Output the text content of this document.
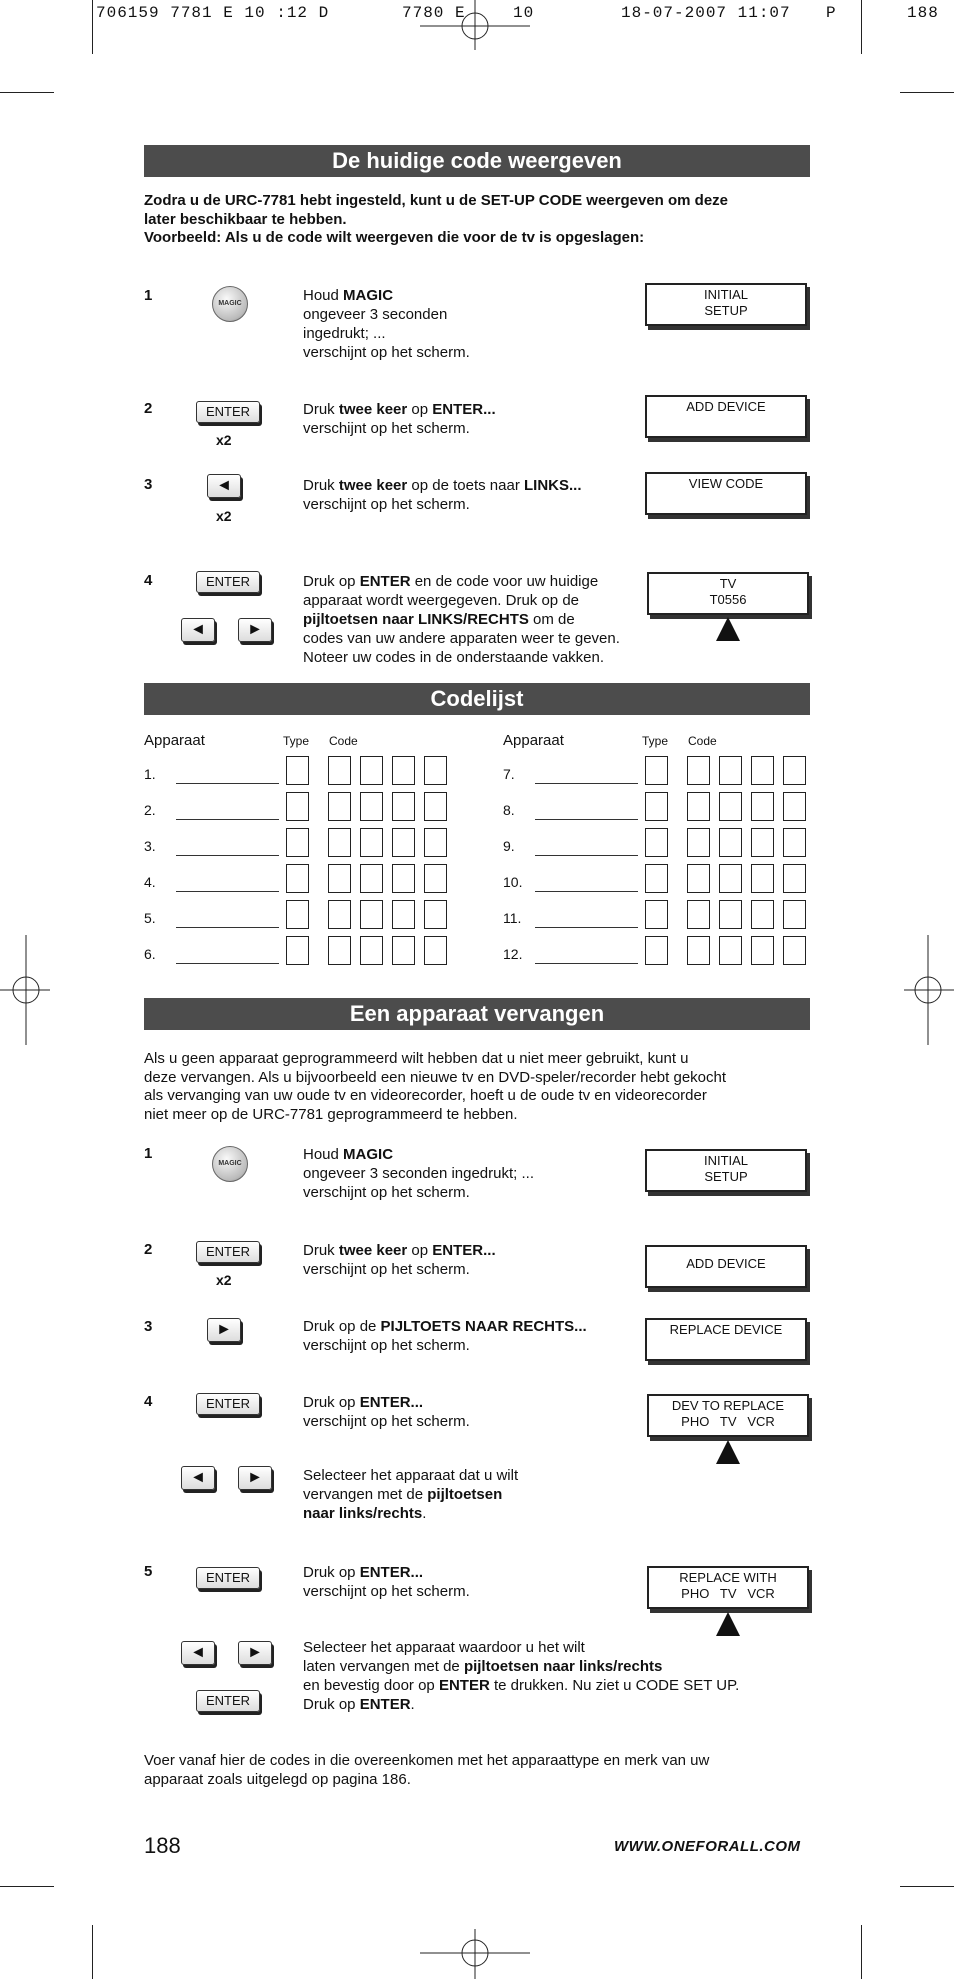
706159 7781 E 10 :12 D	7780 E	10	18-07-2007 11:07 P	188
De huidige code weergeven
Zodra u de URC-7781 hebt ingesteld, kunt u de SET-UP CODE weergeven om deze
later beschikbaar te hebben.
Voorbeeld: Als u de code wilt weergeven die voor de tv is opgeslagen:
1	MAGIC	Houd MAGIC
ongeveer 3 seconden
ingedrukt; ...
verschijnt op het scherm.
INITIAL
SETUP
2	ENTER
x2
Druk twee keer op ENTER...
verschijnt op het scherm.
ADD DEVICE
3	◄
x2
Druk twee keer op de toets naar LINKS...
verschijnt op het scherm.
VIEW CODE
4	ENTER
◄	►
Druk op ENTER en de code voor uw huidige
apparaat wordt weergegeven. Druk op de
pijltoetsen naar LINKS/RECHTS om de
codes van uw andere apparaten weer te geven.
Noteer uw codes in de onderstaande vakken.
TV
T0556
Codelijst
Apparaat	Type Code	Apparaat	Type Code
1.
2.
3.
4.
5.
6.
7.
8.
9.
10.
11.
12.
Een apparaat vervangen
Als u geen apparaat geprogrammeerd wilt hebben dat u niet meer gebruikt, kunt u
deze vervangen. Als u bijvoorbeeld een nieuwe tv en DVD-speler/recorder hebt gekocht
als vervanging van uw oude tv en videorecorder, hoeft u de oude tv en videorecorder
niet meer op de URC-7781 geprogrammeerd te hebben.
1
MAGIC
Houd MAGIC
ongeveer 3 seconden ingedrukt; ...
verschijnt op het scherm.
INITIAL
SETUP
2	ENTER
x2
Druk twee keer op ENTER...
verschijnt op het scherm.	ADD DEVICE
3	►	Druk op de PIJLTOETS NAAR RECHTS...
verschijnt op het scherm.
REPLACE DEVICE
4	ENTER	Druk op ENTER...
verschijnt op het scherm.
DEV TO REPLACE
PHO   TV   VCR
◄	►	Selecteer het apparaat dat u wilt
vervangen met de pijltoetsen
naar links/rechts.
5	ENTER	Druk op ENTER...
verschijnt op het scherm.
REPLACE WITH
PHO   TV   VCR
◄	►
ENTER
Selecteer het apparaat waardoor u het wilt
laten vervangen met de pijltoetsen naar links/rechts
en bevestig door op ENTER te drukken. Nu ziet u CODE SET UP.
Druk op ENTER.
Voer vanaf hier de codes in die overeenkomen met het apparaattype en merk van uw
apparaat zoals uitgelegd op pagina 186.
188	WWW.ONEFORALL.COM
